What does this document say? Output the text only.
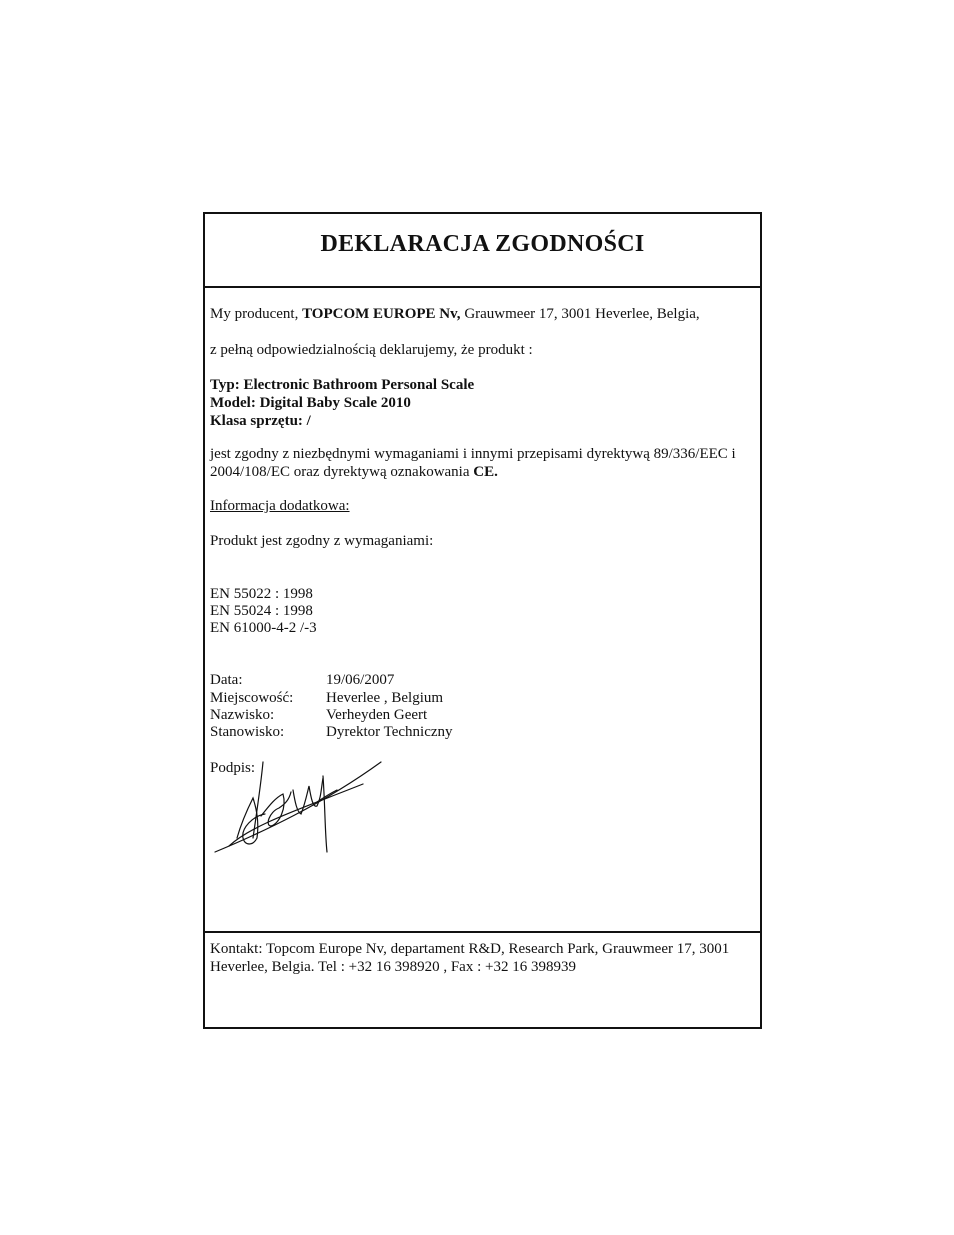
DEKLARACJA ZGODNOŚCI
My producent, TOPCOM EUROPE Nv, Grauwmeer 17, 3001 Heverlee, Belgia,
z pełną odpowiedzialnością deklarujemy, że produkt :
Typ: Electronic Bathroom Personal Scale
Model: Digital Baby Scale 2010
Klasa sprzętu: /
jest zgodny z niezbędnymi wymaganiami i innymi przepisami dyrektywą 89/336/EEC i
2004/108/EC oraz dyrektywą oznakowania CE.
Informacja dodatkowa:
Produkt jest zgodny z wymaganiami:
EN 55022 : 1998
EN 55024 : 1998
EN 61000-4-2 /-3
Data:	19/06/2007
Miejscowość: Heverlee , Belgium
Nazwisko:	Verheyden Geert
Stanowisko:	Dyrektor Techniczny
Podpis:
Kontakt: Topcom Europe Nv, departament R&D, Research Park, Grauwmeer 17, 3001
Heverlee, Belgia. Tel : +32 16 398920 , Fax : +32 16 398939
